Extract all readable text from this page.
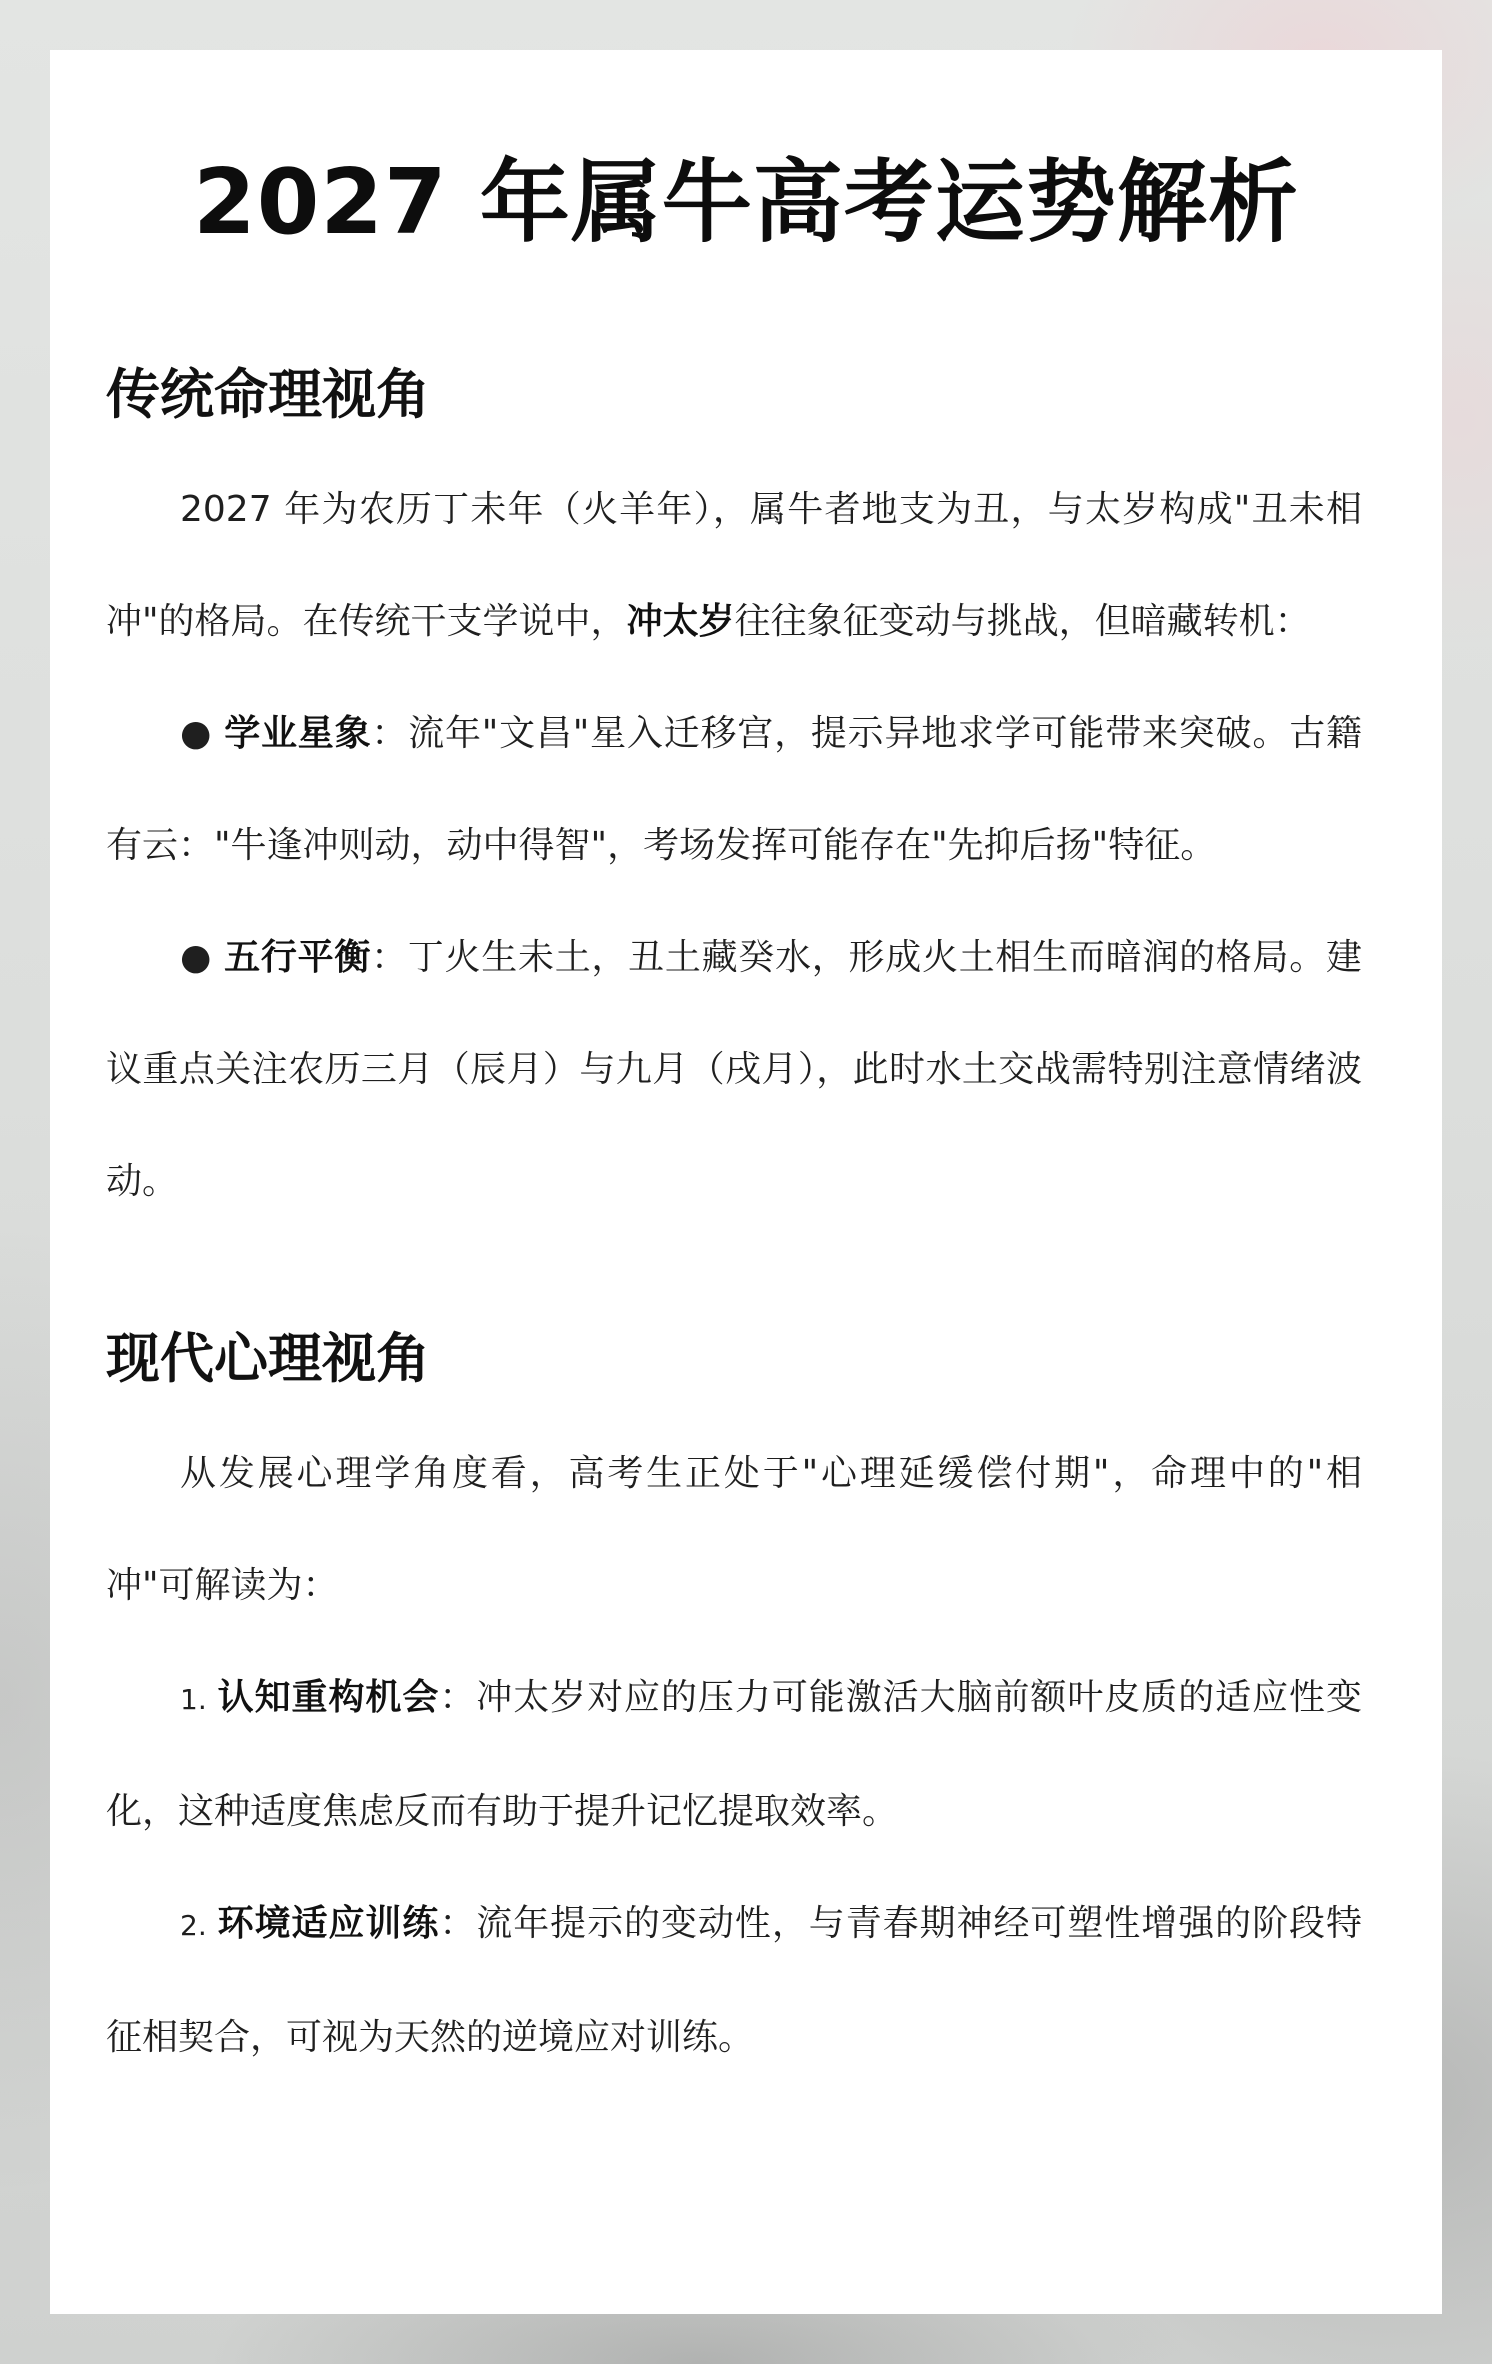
2027 年属牛高考运势解析
传统命理视角

2027 年为农历丁未年（火羊年），属牛者地支为丑，与太岁构成"丑未相冲"的格局。在传统干支学说中，冲太岁往往象征变动与挑战，但暗藏转机：

● 学业星象：流年"文昌"星入迁移宫，提示异地求学可能带来突破。古籍有云："牛逢冲则动，动中得智"，考场发挥可能存在"先抑后扬"特征。

● 五行平衡：丁火生未土，丑土藏癸水，形成火土相生而暗润的格局。建议重点关注农历三月（辰月）与九月（戌月），此时水土交战需特别注意情绪波动。

现代心理视角

从发展心理学角度看，高考生正处于"心理延缓偿付期"，命理中的"相冲"可解读为：

1. 认知重构机会：冲太岁对应的压力可能激活大脑前额叶皮质的适应性变化，这种适度焦虑反而有助于提升记忆提取效率。

2. 环境适应训练：流年提示的变动性，与青春期神经可塑性增强的阶段特征相契合，可视为天然的逆境应对训练。
